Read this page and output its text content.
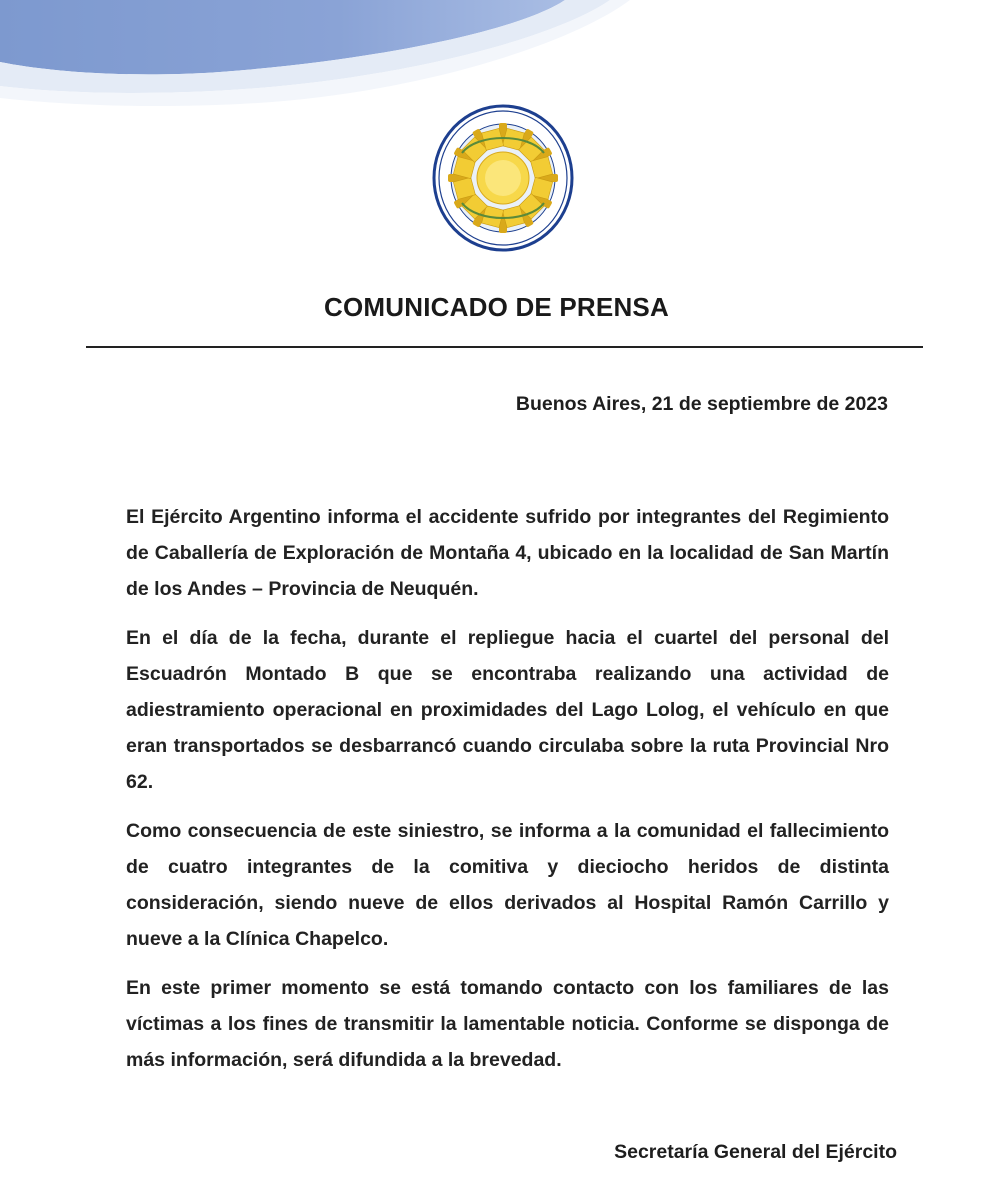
COMUNICADO DE PRENSA
Buenos Aires, 21 de septiembre de 2023

El Ejército Argentino informa el accidente sufrido por integrantes del Regimiento de Caballería de Exploración de Montaña 4, ubicado en la localidad de San Martín de los Andes – Provincia de Neuquén.

En el día de la fecha, durante el repliegue hacia el cuartel del personal del Escuadrón Montado B que se encontraba realizando una actividad de adiestramiento operacional en proximidades del Lago Lolog, el vehículo en que eran transportados se desbarrancó cuando circulaba sobre la ruta Provincial Nro 62.

Como consecuencia de este siniestro, se informa a la comunidad el fallecimiento de cuatro integrantes de la comitiva y dieciocho heridos de distinta consideración, siendo nueve de ellos derivados al Hospital Ramón Carrillo y nueve a la Clínica Chapelco.

En este primer momento se está tomando contacto con los familiares de las víctimas a los fines de transmitir la lamentable noticia. Conforme se disponga de más información, será difundida a la brevedad.

Secretaría General del Ejército
